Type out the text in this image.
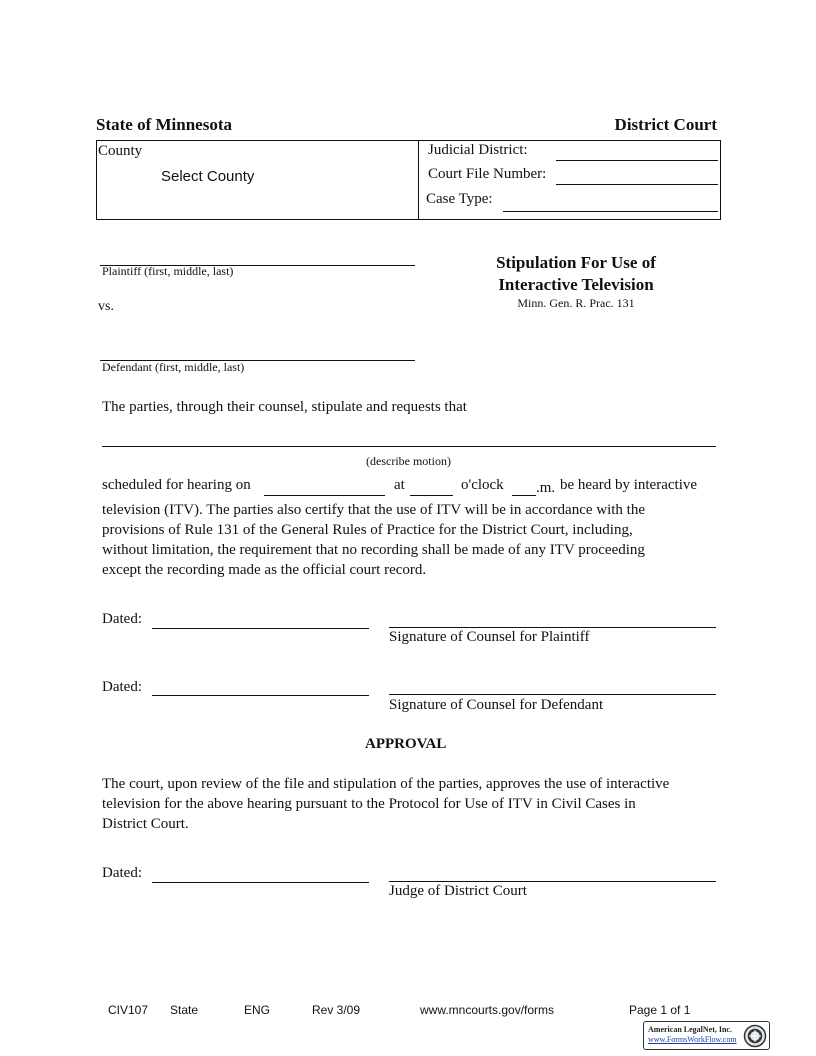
State of Minnesota	District Court
County
Select County
Judicial District:
Court File Number:
Case Type:
Plaintiff (first, middle, last)
vs.
Defendant (first, middle, last)
Stipulation For Use of
Interactive Television
Minn. Gen. R. Prac. 131
The parties, through their counsel, stipulate and requests that
(describe motion)
scheduled for hearing on	at	o'clock .m. be heard by interactive
television (ITV). The parties also certify that the use of ITV will be in accordance with the
provisions of Rule 131 of the General Rules of Practice for the District Court, including,
without limitation, the requirement that no recording shall be made of any ITV proceeding
except the recording made as the official court record.
Dated:
Signature of Counsel for Plaintiff
Dated:
Signature of Counsel for Defendant
APPROVAL
The court, upon review of the file and stipulation of the parties, approves the use of interactive
television for the above hearing pursuant to the Protocol for Use of ITV in Civil Cases in
District Court.
Dated:
Judge of District Court
CIV107 State	ENG	Rev 3/09	www.mncourts.gov/forms	Page 1 of 1
American LegalNet, Inc.
www.FormsWorkFlow.com
